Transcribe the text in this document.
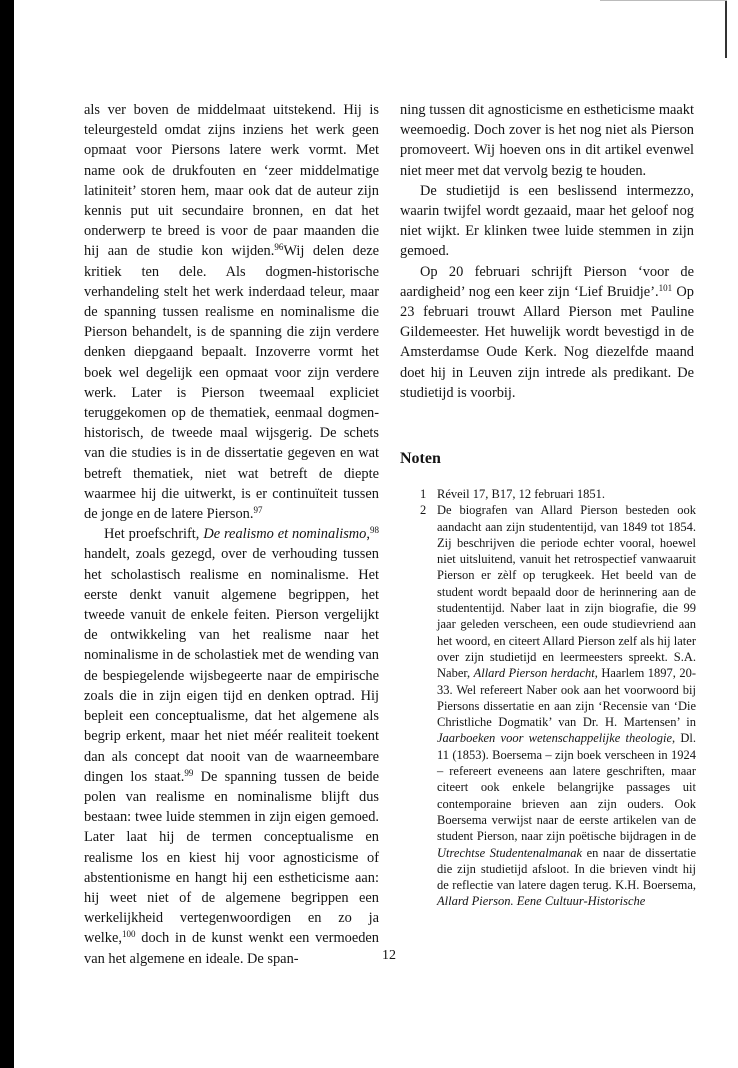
als ver boven de middelmaat uitstekend. Hij is teleurgesteld omdat zijns inziens het werk geen opmaat voor Piersons latere werk vormt. Met name ook de drukfouten en ‘zeer middelmatige latiniteit’ storen hem, maar ook dat de auteur zijn kennis put uit secundaire bronnen, en dat het onderwerp te breed is voor de paar maanden die hij aan de studie kon wijden.$^{96}$Wij delen deze kritiek ten dele. Als dogmen-historische verhandeling stelt het werk inderdaad teleur, maar de spanning tussen realisme en nominalisme die Pierson behandelt, is de spanning die zijn verdere denken diepgaand bepaalt. Inzoverre vormt het boek wel degelijk een opmaat voor zijn verdere werk. Later is Pierson tweemaal expliciet teruggekomen op de thematiek, eenmaal dogmen-historisch, de tweede maal wijsgerig. De schets van die studies is in de dissertatie gegeven en wat betreft thematiek, niet wat betreft de diepte waarmee hij die uitwerkt, is er continuïteit tussen de jonge en de latere Pierson.$^{97}$

Het proefschrift, De realismo et nominalismo,$^{98}$ handelt, zoals gezegd, over de verhouding tussen het scholastisch realisme en nominalisme. Het eerste denkt vanuit algemene begrippen, het tweede vanuit de enkele feiten. Pierson vergelijkt de ontwikkeling van het realisme naar het nominalisme in de scholastiek met de wending van de bespiegelende wijsbegeerte naar de empirische zoals die in zijn eigen tijd en denken optrad. Hij bepleit een conceptualisme, dat het algemene als begrip erkent, maar het niet méér realiteit toekent dan als concept dat nooit van de waarneembare dingen los staat.$^{99}$ De spanning tussen de beide polen van realisme en nominalisme blijft dus bestaan: twee luide stemmen in zijn eigen gemoed. Later laat hij de termen conceptualisme en realisme los en kiest hij voor agnosticisme of abstentionisme en hangt hij een estheticisme aan: hij weet niet of de algemene begrippen een werkelijkheid vertegenwoordigen en zo ja welke,$^{100}$ doch in de kunst wenkt een vermoeden van het algemene en ideale. De span-

ning tussen dit agnosticisme en estheticisme maakt weemoedig. Doch zover is het nog niet als Pierson promoveert. Wij hoeven ons in dit artikel evenwel niet meer met dat vervolg bezig te houden.

De studietijd is een beslissend intermezzo, waarin twijfel wordt gezaaid, maar het geloof nog niet wijkt. Er klinken twee luide stemmen in zijn gemoed.

Op 20 februari schrijft Pierson ‘voor de aardigheid’ nog een keer zijn ‘Lief Bruidje’.$^{101}$ Op 23 februari trouwt Allard Pierson met Pauline Gildemeester. Het huwelijk wordt bevestigd in de Amsterdamse Oude Kerk. Nog diezelfde maand doet hij in Leuven zijn intrede als predikant. De studietijd is voorbij.

Noten
1 Réveil 17, B17, 12 februari 1851.
2 De biografen van Allard Pierson besteden ook aandacht aan zijn studententijd, van 1849 tot 1854. Zij beschrijven die periode echter vooral, hoewel niet uitsluitend, vanuit het retrospectief vanwaaruit Pierson er zèlf op terugkeek. Het beeld van de student wordt bepaald door de herinnering aan de studententijd. Naber laat in zijn biografie, die 99 jaar geleden verscheen, een oude studievriend aan het woord, en citeert Allard Pierson zelf als hij later over zijn studietijd en leermeesters spreekt. S.A. Naber, Allard Pierson herdacht, Haarlem 1897, 20-33. Wel refereert Naber ook aan het voorwoord bij Piersons dissertatie en aan zijn ‘Recensie van ‘Die Christliche Dogmatik’ van Dr. H. Martensen’ in Jaarboeken voor wetenschappelijke theologie, Dl. 11 (1853). Boersema – zijn boek verscheen in 1924 – refereert eveneens aan latere geschriften, maar citeert ook enkele belangrijke passages uit contemporaine brieven aan zijn ouders. Ook Boersema verwijst naar de eerste artikelen van de student Pierson, naar zijn poëtische bijdragen in de Utrechtse Studentenalmanak en naar de dissertatie die zijn studietijd afsloot. In die brieven vindt hij de reflectie van latere dagen terug. K.H. Boersema, Allard Pierson. Eene Cultuur-Historische
12
